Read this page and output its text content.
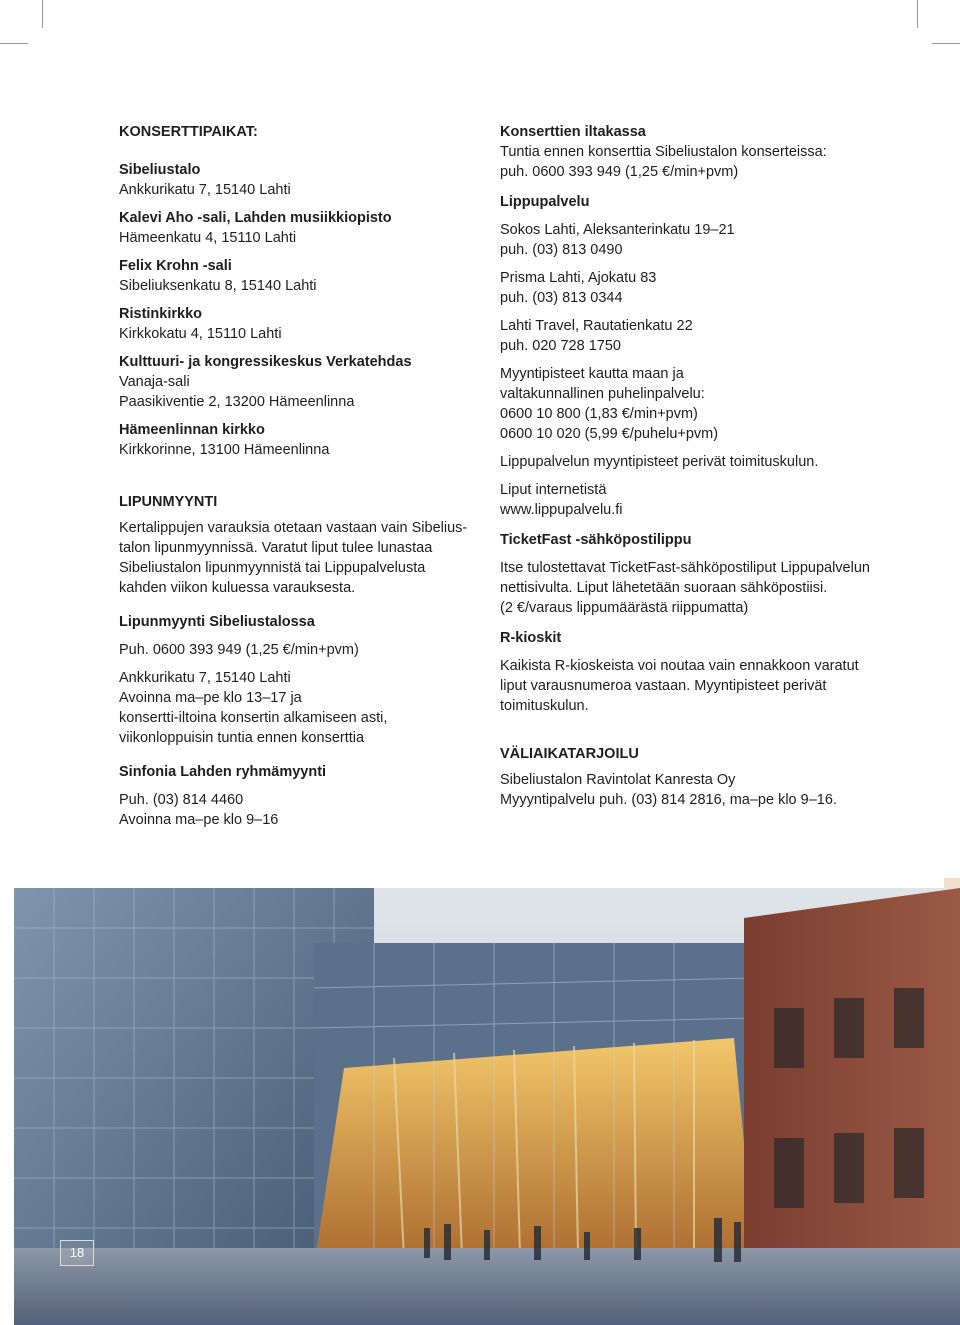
KONSERTTIPAIKAT:
Sibeliustalo
Ankkurikatu 7, 15140 Lahti
Kalevi Aho -sali, Lahden musiikkiopisto
Hämeenkatu 4, 15110 Lahti
Felix Krohn -sali
Sibeliuksenkatu 8, 15140 Lahti
Ristinkirkko
Kirkkokatu 4, 15110 Lahti
Kulttuuri- ja kongressikeskus Verkatehdas
Vanaja-sali
Paasikiventie 2, 13200 Hämeenlinna
Hämeenlinnan kirkko
Kirkkorinne, 13100 Hämeenlinna
LIPUNMYYNTI
Kertalippujen varauksia otetaan vastaan vain Sibelius-
talon lipunmyynnissä. Varatut liput tulee lunastaa
Sibeliustalon lipunmyynnistä tai Lippupalvelusta
kahden viikon kuluessa varauksesta.
Lipunmyynti Sibeliustalossa
Puh. 0600 393 949 (1,25 €/min+pvm)
Ankkurikatu 7, 15140 Lahti
Avoinna ma–pe klo 13–17 ja
konsertti-iltoina konsertin alkamiseen asti,
viikonloppuisin tuntia ennen konserttia
Sinfonia Lahden ryhmämyynti
Puh. (03) 814 4460
Avoinna ma–pe klo 9–16
Konserttien iltakassa
Tuntia ennen konserttia Sibeliustalon konserteissa:
puh. 0600 393 949 (1,25 €/min+pvm)
Lippupalvelu
Sokos Lahti, Aleksanterinkatu 19–21
puh. (03) 813 0490
Prisma Lahti, Ajokatu 83
puh. (03) 813 0344
Lahti Travel, Rautatienkatu 22
puh. 020 728 1750
Myyntipisteet kautta maan ja
valtakunnallinen puhelinpalvelu:
0600 10 800 (1,83 €/min+pvm)
0600 10 020 (5,99 €/puhelu+pvm)
Lippupalvelun myyntipisteet perivät toimituskulun.
Liput internetistä
www.lippupalvelu.fi
TicketFast -sähköpostilippu
Itse tulostettavat TicketFast-sähköpostiliput Lippupalvelun
nettisivulta. Liput lähetetään suoraan sähköpostiisi.
(2 €/varaus lippumäärästä riippumatta)
R-kioskit
Kaikista R-kioskeista voi noutaa vain ennakkoon varatut
liput varausnumeroa vastaan. Myyntipisteet perivät
toimituskulun.
VÄLIAIKATARJOILU
Sibeliustalon Ravintolat Kanresta Oy
Myyyntipalvelu puh. (03) 814 2816, ma–pe klo 9–16.
18
